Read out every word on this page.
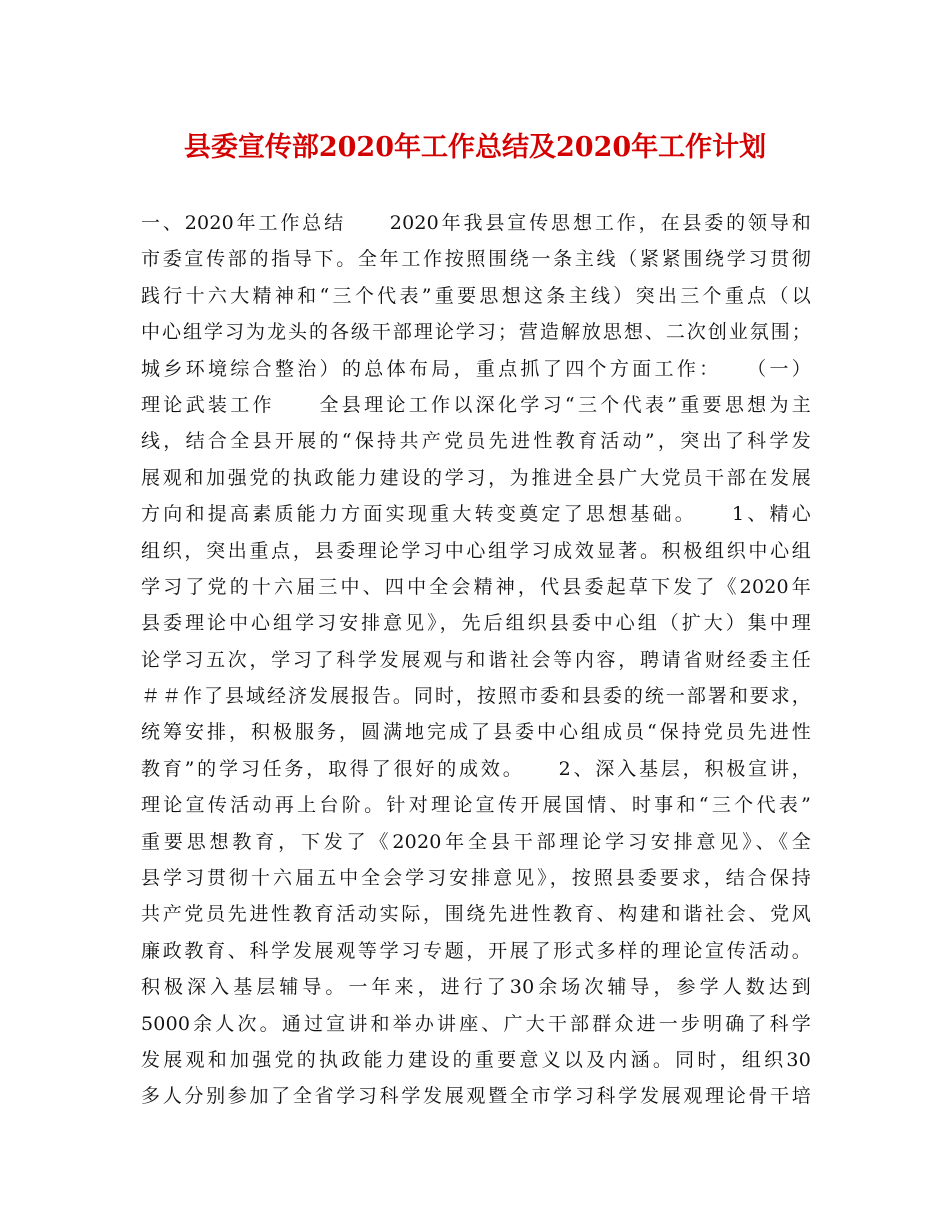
县委宣传部2020年工作总结及2020年工作计划
一、2020年工作总结　　2020年我县宣传思想工作，在县委的领导和
市委宣传部的指导下。全年工作按照围绕一条主线（紧紧围绕学习贯彻
践行十六大精神和“三个代表”重要思想这条主线）突出三个重点（以
中心组学习为龙头的各级干部理论学习；营造解放思想、二次创业氛围；
城乡环境综合整治）的总体布局，重点抓了四个方面工作：　　（一）
理论武装工作　　全县理论工作以深化学习“三个代表”重要思想为主
线，结合全县开展的“保持共产党员先进性教育活动”，突出了科学发
展观和加强党的执政能力建设的学习，为推进全县广大党员干部在发展
方向和提高素质能力方面实现重大转变奠定了思想基础。　　1、精心
组织，突出重点，县委理论学习中心组学习成效显著。积极组织中心组
学习了党的十六届三中、四中全会精神，代县委起草下发了《2020年
县委理论中心组学习安排意见》，先后组织县委中心组（扩大）集中理
论学习五次，学习了科学发展观与和谐社会等内容，聘请省财经委主任
＃＃作了县域经济发展报告。同时，按照市委和县委的统一部署和要求，
统筹安排，积极服务，圆满地完成了县委中心组成员“保持党员先进性
教育”的学习任务，取得了很好的成效。　　2、深入基层，积极宣讲，
理论宣传活动再上台阶。针对理论宣传开展国情、时事和“三个代表”
重要思想教育，下发了《2020年全县干部理论学习安排意见》、《全
县学习贯彻十六届五中全会学习安排意见》，按照县委要求，结合保持
共产党员先进性教育活动实际，围绕先进性教育、构建和谐社会、党风
廉政教育、科学发展观等学习专题，开展了形式多样的理论宣传活动。
积极深入基层辅导。一年来，进行了30余场次辅导，参学人数达到
5000余人次。通过宣讲和举办讲座、广大干部群众进一步明确了科学
发展观和加强党的执政能力建设的重要意义以及内涵。同时，组织30
多人分别参加了全省学习科学发展观暨全市学习科学发展观理论骨干培
